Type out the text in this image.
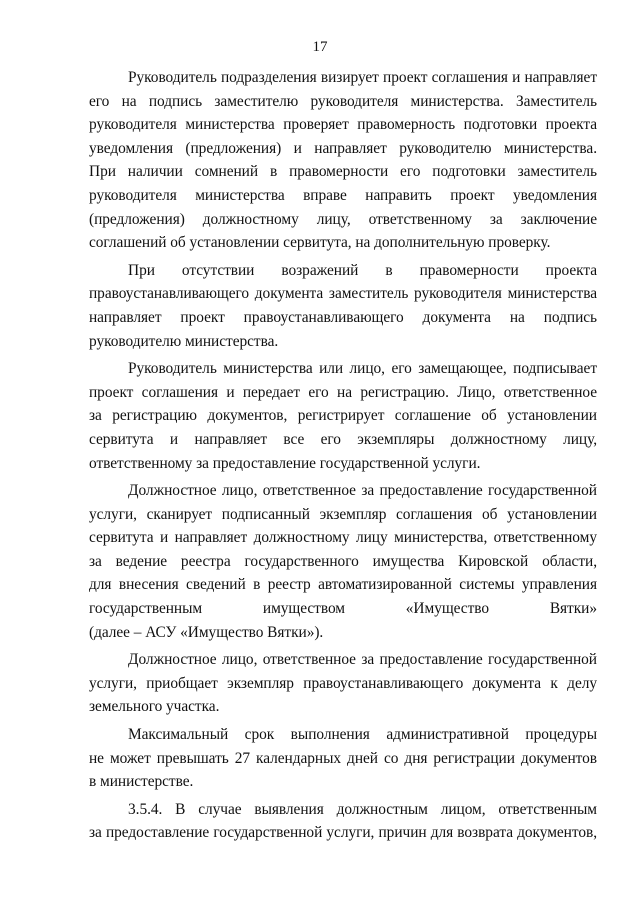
17

Руководитель подразделения визирует проект соглашения и направляет
его на подпись заместителю руководителя министерства. Заместитель
руководителя министерства проверяет правомерность подготовки проекта
уведомления (предложения) и направляет руководителю министерства.
При наличии сомнений в правомерности его подготовки заместитель
руководителя министерства вправе направить проект уведомления
(предложения) должностному лицу, ответственному за заключение
соглашений об установлении сервитута, на дополнительную проверку.

При отсутствии возражений в правомерности проекта
правоустанавливающего документа заместитель руководителя министерства
направляет проект правоустанавливающего документа на подпись
руководителю министерства.

Руководитель министерства или лицо, его замещающее, подписывает
проект соглашения и передает его на регистрацию. Лицо, ответственное
за регистрацию документов, регистрирует соглашение об установлении
сервитута и направляет все его экземпляры должностному лицу,
ответственному за предоставление государственной услуги.

Должностное лицо, ответственное за предоставление государственной
услуги, сканирует подписанный экземпляр соглашения об установлении
сервитута и направляет должностному лицу министерства, ответственному
за ведение реестра государственного имущества Кировской области,
для внесения сведений в реестр автоматизированной системы управления
государственным имуществом «Имущество Вятки»
(далее – АСУ «Имущество Вятки»).

Должностное лицо, ответственное за предоставление государственной
услуги, приобщает экземпляр правоустанавливающего документа к делу
земельного участка.

Максимальный срок выполнения административной процедуры
не может превышать 27 календарных дней со дня регистрации документов
в министерстве.

3.5.4. В случае выявления должностным лицом, ответственным
за предоставление государственной услуги, причин для возврата документов,
